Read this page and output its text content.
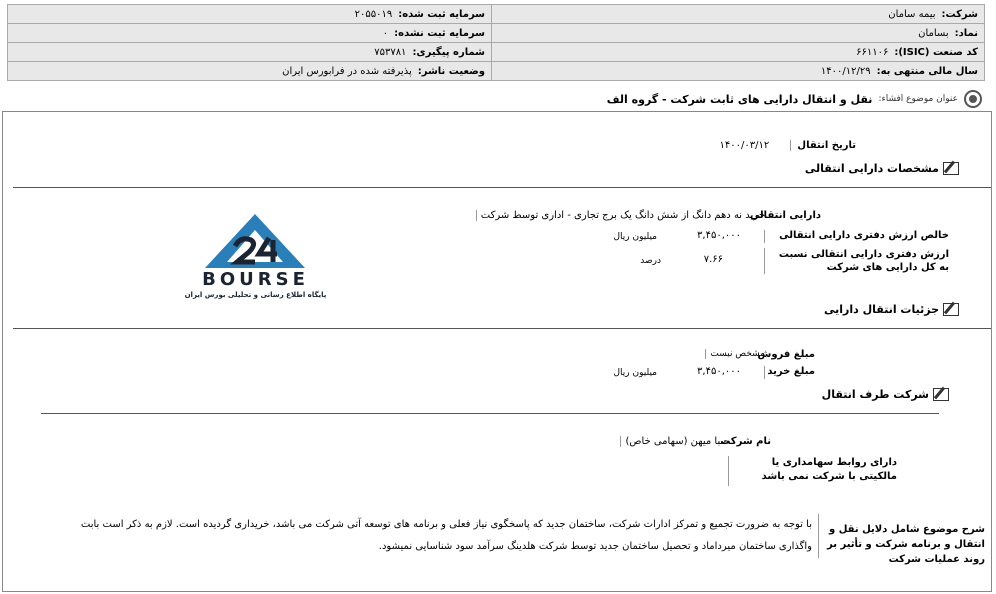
شرکت:بیمه سامان	سرمایه ثبت شده:۲۰۵۵۰۱۹
نماد:بسامان	سرمایه ثبت نشده:۰
کد صنعت (ISIC):۶۶۱۱۰۶	شماره پیگیری:۷۵۳۷۸۱
سال مالی منتهی به:۱۴۰۰/۱۲/۲۹	وضعیت ناشر:پذیرفته شده در فرابورس ایران
عنوان موضوع افشاء:
نقل و انتقال دارایی های ثابت شرکت - گروه الف
تاریخ انتقال ۱۴۰۰/۰۳/۱۲
مشخصات دارایی انتقالی
دارایی انتقالی
خرید نه دهم دانگ از شش دانگ یک برج تجاری - اداری توسط شرکت
خالص ارزش دفتری دارایی انتقالی
۳,۴۵۰,۰۰۰
میلیون ریال
ارزش دفتری دارایی انتقالی نسبت به کل دارایی های شرکت
۷.۶۶
درصد
جزئیات انتقال دارایی
مبلغ فروش
مشخص نیست
مبلغ خرید
۳,۴۵۰,۰۰۰
میلیون ریال
شرکت طرف انتقال
نام شرکت
صبا میهن (سهامی خاص)
دارای روابط سهامداری یا مالکیتی با شرکت نمی باشد
شرح موضوع شامل دلایل نقل و انتقال و برنامه شرکت و تأثیر بر روند عملیات شرکت
با توجه به ضرورت تجمیع و تمرکز ادارات شرکت، ساختمان جدید که پاسخگوی نیاز فعلی و برنامه های توسعه آتی شرکت می باشد، خریداری گردیده است. لازم به ذکر است بابت واگذاری ساختمان میرداماد و تحصیل ساختمان جدید توسط شرکت هلدینگ سرآمد سود شناسایی نمیشود.
BOURSE
پایگاه اطلاع رسانی و تحلیلی بورس ایران
